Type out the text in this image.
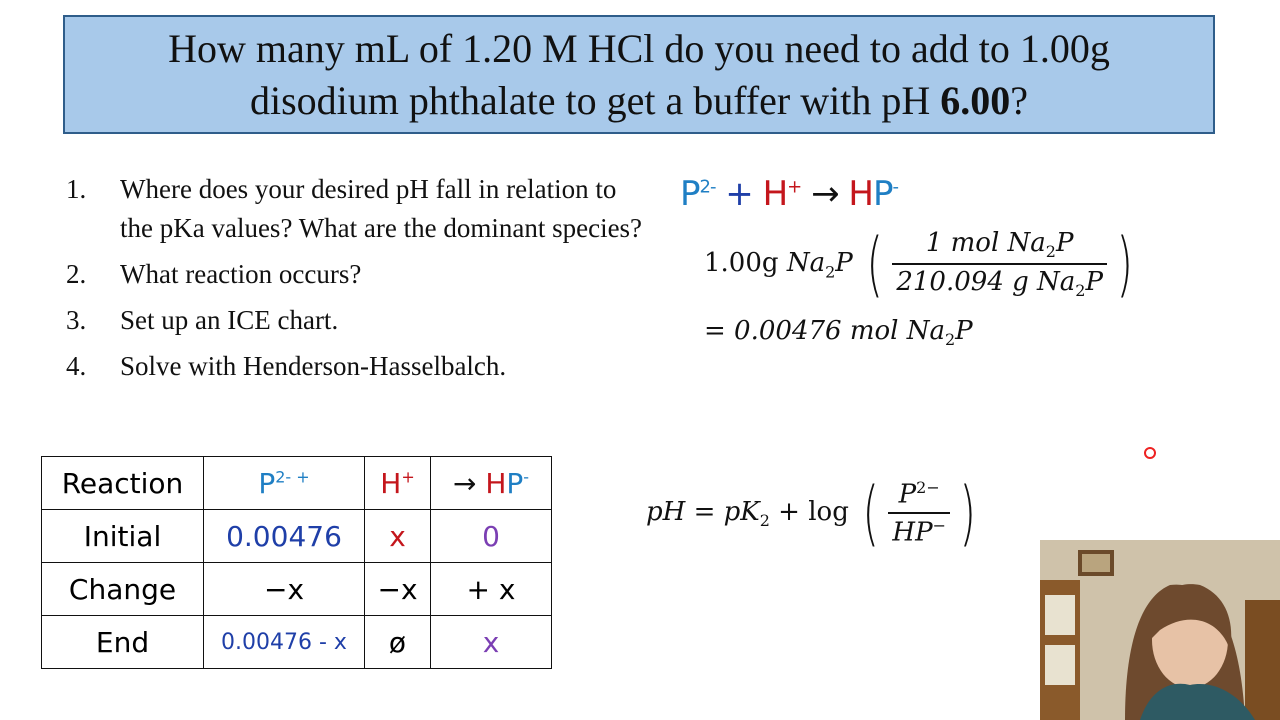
How many mL of 1.20 M HCl do you need to add to 1.00g
disodium phthalate to get a buffer with pH 6.00?
1.	Where does your desired pH fall in relation to the pKa values? What are the dominant species?
2.	What reaction occurs?
3.	Set up an ICE chart.
4.	Solve with Henderson-Hasselbalch.
$P^{2-} + H^+ \to HP^-$
1.00g $Na_2P$ ( $\frac{1 mol Na_2P}{210.094 g Na_2P}$ )
= 0.00476 mol $Na_2P$
pH = $pK_2 + \log$ ( $\frac{P^{2-}}{HP^-}$ )
Reaction	$P^{2- +}$	H+	→ HP-
Initial	0.00476	x	0
Change	−x	−x	+ x
End	0.00476 - x	ø	x
